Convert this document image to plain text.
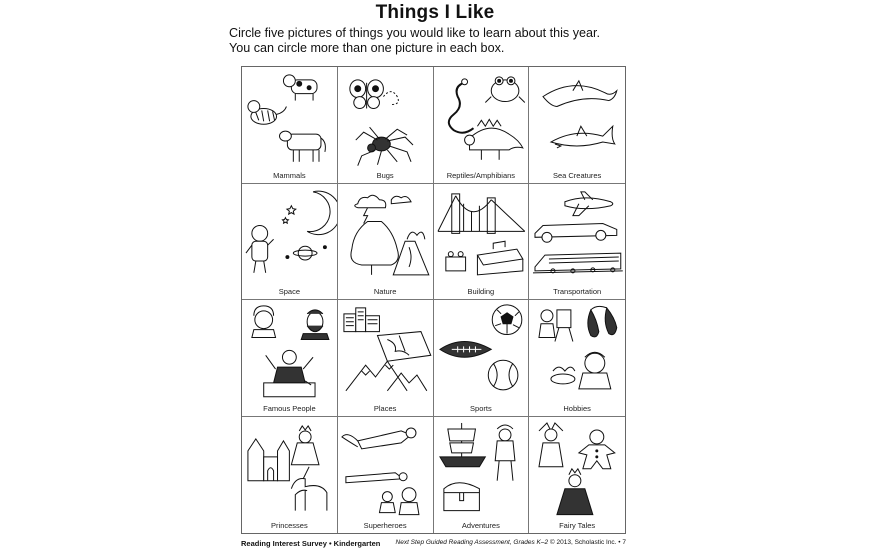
Things I Like
Circle five pictures of things you would like to learn about this year.
You can circle more than one picture in each box.
Mammals	Bugs	Reptiles/Amphibians	Sea Creatures
Space	Nature	Building	Transportation
Famous People	Places	Sports	Hobbies
Princesses	Superheroes	Adventures	Fairy Tales
Reading Interest Survey • Kindergarten Next Step Guided Reading Assessment, Grades K–2 © 2013, Scholastic Inc. • 7
